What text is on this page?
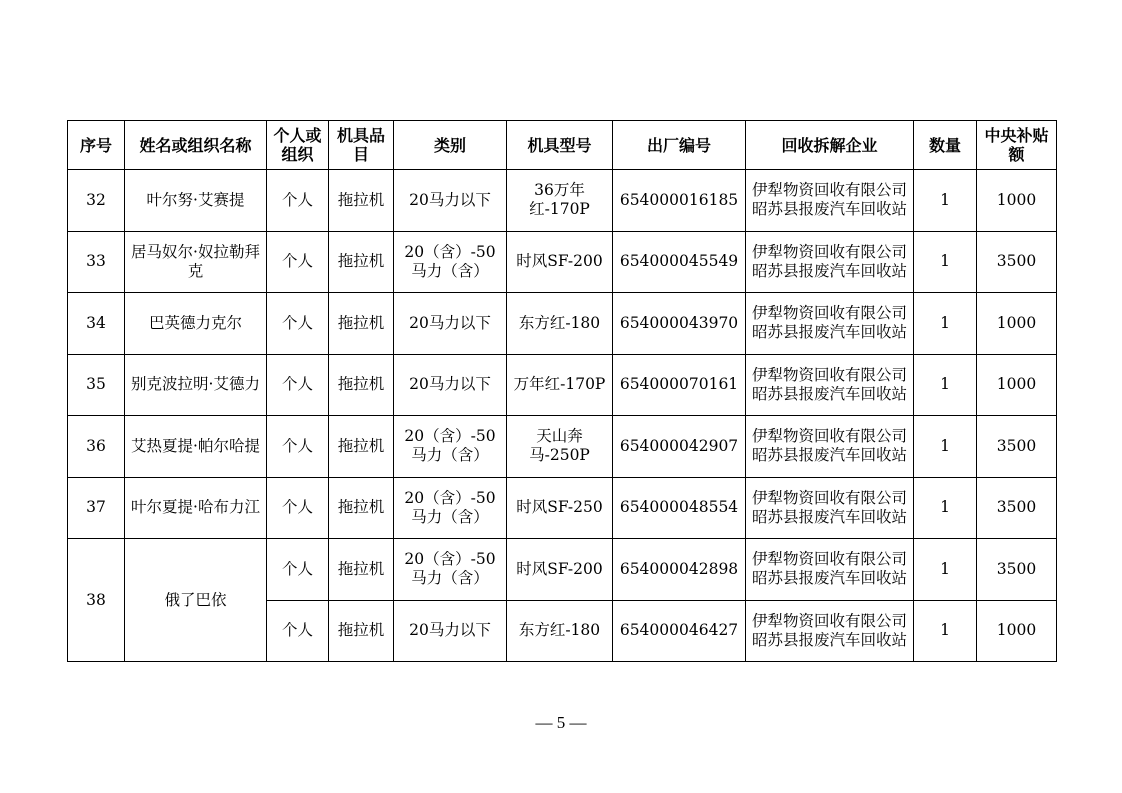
序号	姓名或组织名称	个人或组织	机具品目	类别	机具型号	出厂编号	回收拆解企业	数量	中央补贴额
32	叶尔努·艾赛提	个人	拖拉机	20马力以下	36万年红-170P	654000016185	伊犁物资回收有限公司昭苏县报废汽车回收站	1	1000
33	居马奴尔·奴拉勒拜克	个人	拖拉机	20（含）-50马力（含）	时风SF-200	654000045549	伊犁物资回收有限公司昭苏县报废汽车回收站	1	3500
34	巴英德力克尔	个人	拖拉机	20马力以下	东方红-180	654000043970	伊犁物资回收有限公司昭苏县报废汽车回收站	1	1000
35	别克波拉明·艾德力	个人	拖拉机	20马力以下	万年红-170P	654000070161	伊犁物资回收有限公司昭苏县报废汽车回收站	1	1000
36	艾热夏提·帕尔哈提	个人	拖拉机	20（含）-50马力（含）	天山奔马-250P	654000042907	伊犁物资回收有限公司昭苏县报废汽车回收站	1	3500
37	叶尔夏提·哈布力江	个人	拖拉机	20（含）-50马力（含）	时风SF-250	654000048554	伊犁物资回收有限公司昭苏县报废汽车回收站	1	3500
38	俄了巴依	个人	拖拉机	20（含）-50马力（含）	时风SF-200	654000042898	伊犁物资回收有限公司昭苏县报废汽车回收站	1	3500
		个人	拖拉机	20马力以下	东方红-180	654000046427	伊犁物资回收有限公司昭苏县报废汽车回收站	1	1000
— 5 —
